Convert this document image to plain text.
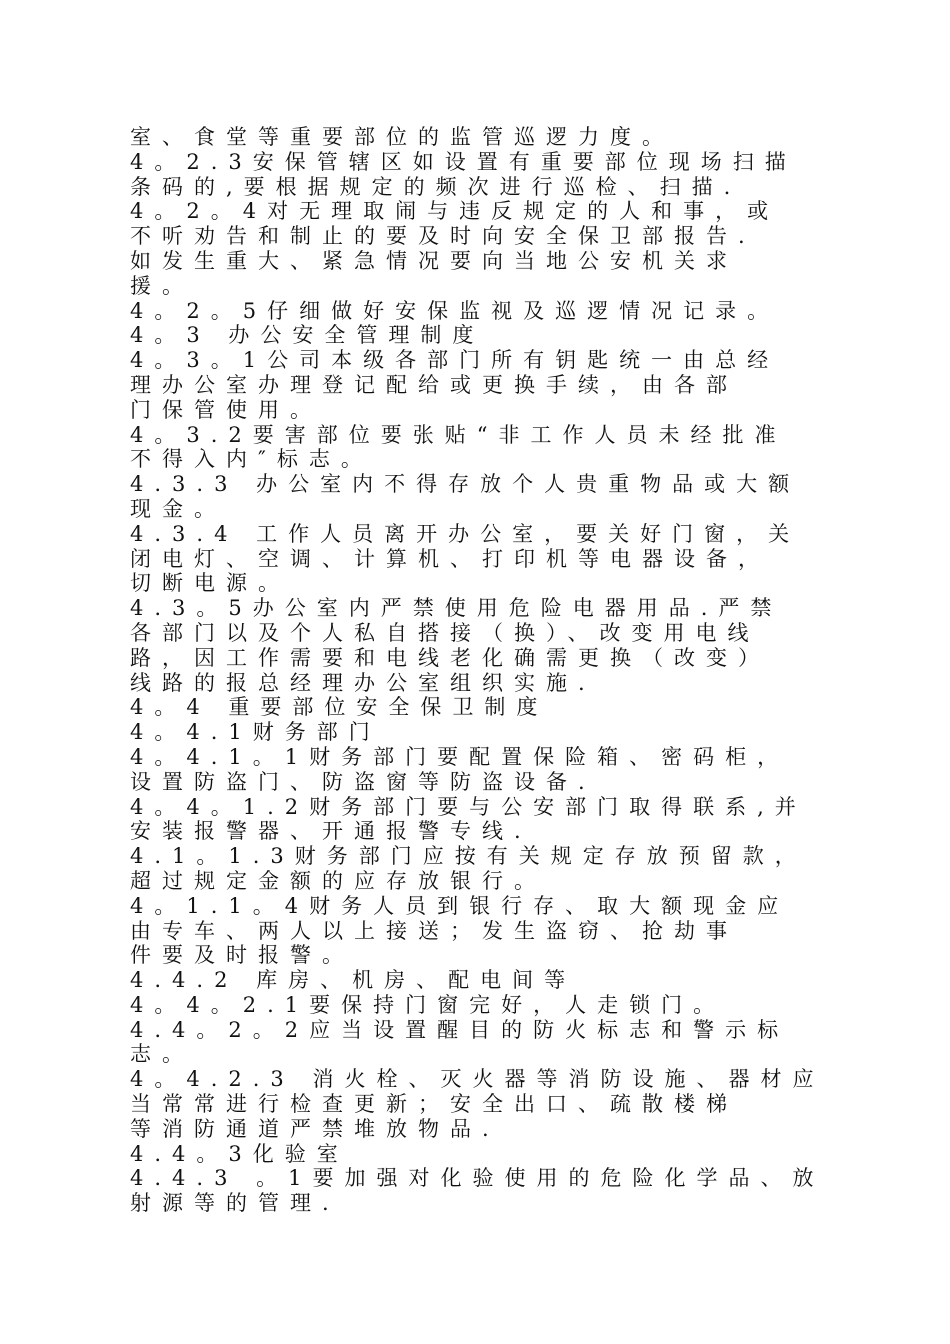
室、食堂等重要部位的监管巡逻力度。
4。2.3安保管辖区如设置有重要部位现场扫描
条码的,要根据规定的频次进行巡检、扫描.
4。2。4对无理取闹与违反规定的人和事，或
不听劝告和制止的要及时向安全保卫部报告.
如发生重大、紧急情况要向当地公安机关求
援。
4。2。5仔细做好安保监视及巡逻情况记录。
4。3 办公安全管理制度
4。3。1公司本级各部门所有钥匙统一由总经
理办公室办理登记配给或更换手续，由各部
门保管使用。
4。3.2要害部位要张贴“非工作人员未经批准
不得入内″标志。
4.3.3 办公室内不得存放个人贵重物品或大额
现金。
4.3.4 工作人员离开办公室，要关好门窗，关
闭电灯、空调、计算机、打印机等电器设备，
切断电源。
4.3。5办公室内严禁使用危险电器用品.严禁
各部门以及个人私自搭接（换）、改变用电线
路，因工作需要和电线老化确需更换（改变）
线路的报总经理办公室组织实施.
4。4 重要部位安全保卫制度
4。4.1财务部门
4。4.1。1财务部门要配置保险箱、密码柜，
设置防盗门、防盗窗等防盗设备.
4。4。1.2财务部门要与公安部门取得联系,并
安装报警器、开通报警专线.
4.1。1.3财务部门应按有关规定存放预留款，
超过规定金额的应存放银行。
4。1.1。4财务人员到银行存、取大额现金应
由专车、两人以上接送；发生盗窃、抢劫事
件要及时报警。
4.4.2 库房、机房、配电间等
4。4。2.1要保持门窗完好，人走锁门。
4.4。2。2应当设置醒目的防火标志和警示标
志。
4。4.2.3 消火栓、灭火器等消防设施、器材应
当常常进行检查更新；安全出口、疏散楼梯
等消防通道严禁堆放物品.
4.4。3化验室
4.4.3 。1要加强对化验使用的危险化学品、放
射源等的管理.
